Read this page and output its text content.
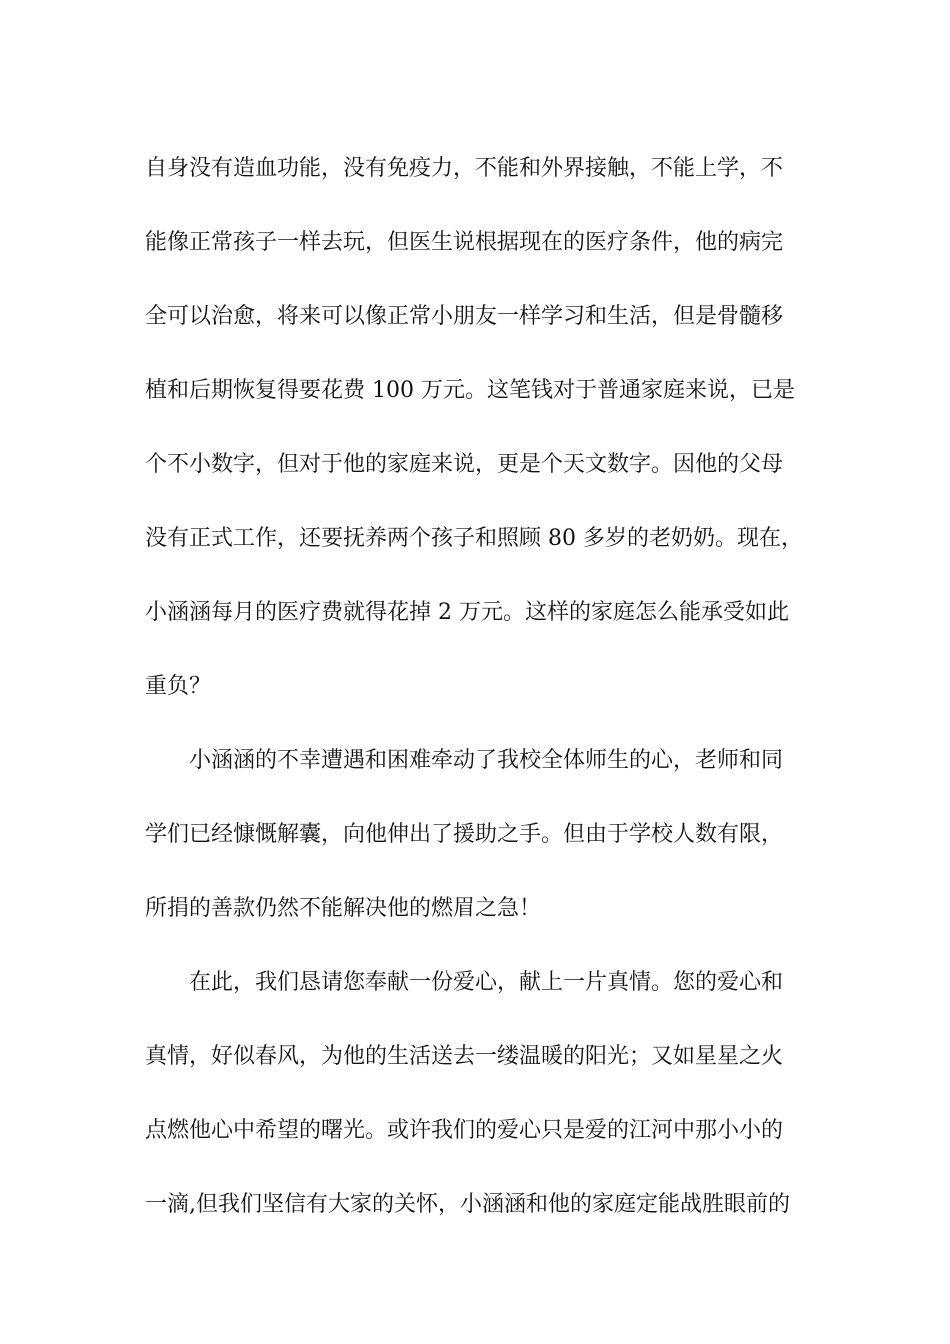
自身没有造血功能，没有免疫力，不能和外界接触，不能上学，不
能像正常孩子一样去玩，但医生说根据现在的医疗条件，他的病完
全可以治愈，将来可以像正常小朋友一样学习和生活，但是骨髓移
植和后期恢复得要花费 100 万元。这笔钱对于普通家庭来说，已是
个不小数字，但对于他的家庭来说，更是个天文数字。因他的父母
没有正式工作，还要抚养两个孩子和照顾 80 多岁的老奶奶。现在，
小涵涵每月的医疗费就得花掉 2 万元。这样的家庭怎么能承受如此
重负？
小涵涵的不幸遭遇和困难牵动了我校全体师生的心，老师和同
学们已经慷慨解囊，向他伸出了援助之手。但由于学校人数有限，
所捐的善款仍然不能解决他的燃眉之急！
在此，我们恳请您奉献一份爱心，献上一片真情。您的爱心和
真情，好似春风，为他的生活送去一缕温暖的阳光；又如星星之火
点燃他心中希望的曙光。或许我们的爱心只是爱的江河中那小小的
一滴,但我们坚信有大家的关怀，小涵涵和他的家庭定能战胜眼前的
